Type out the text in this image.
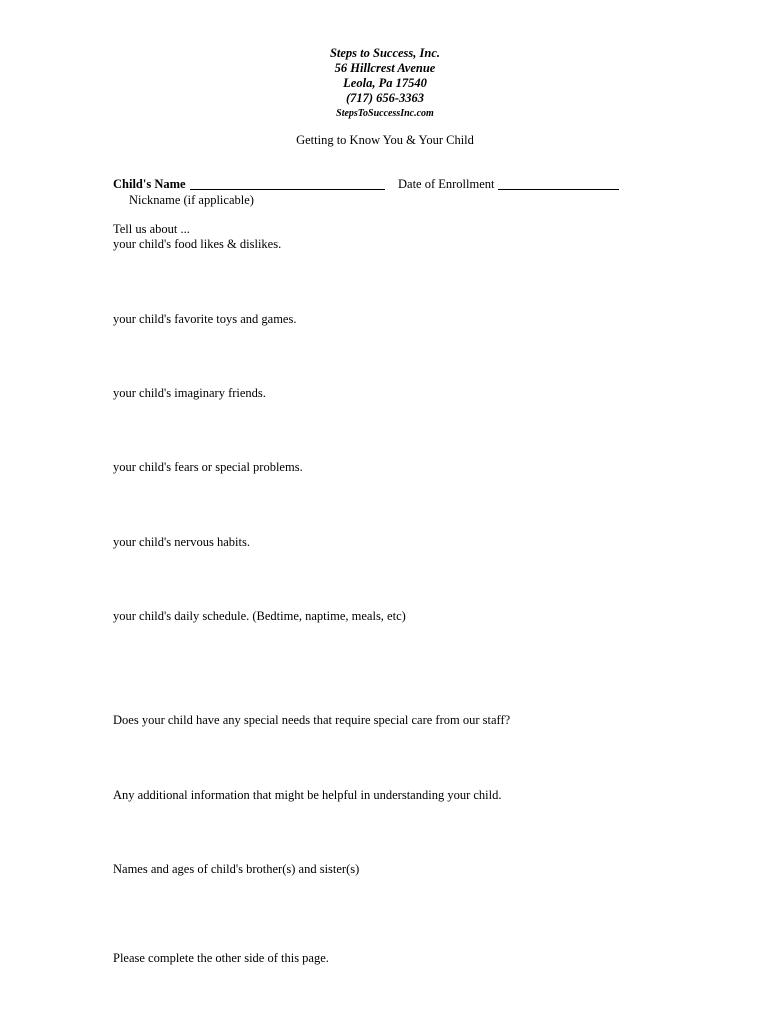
Steps to Success, Inc.
56 Hillcrest Avenue
Leola, Pa 17540
(717) 656-3363
StepsToSuccessInc.com
Getting to Know You & Your Child
Child's Name	Date of Enrollment
Nickname (if applicable)
Tell us about ...
your child's food likes & dislikes.
your child's favorite toys and games.
your child's imaginary friends.
your child's fears or special problems.
your child's nervous habits.
your child's daily schedule. (Bedtime, naptime, meals, etc)
Does your child have any special needs that require special care from our staff?
Any additional information that might be helpful in understanding your child.
Names and ages of child's brother(s) and sister(s)
Please complete the other side of this page.
